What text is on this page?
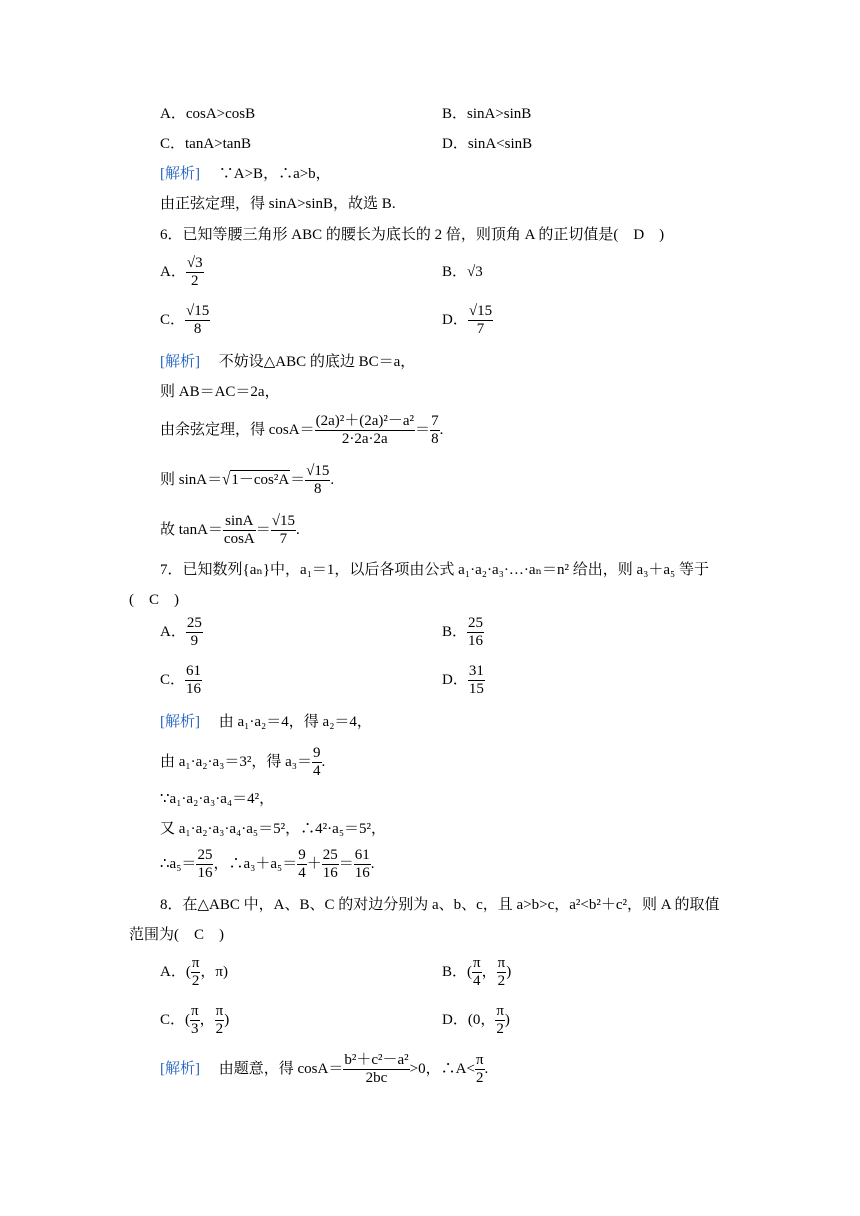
A．cosA>cosB	B．sinA>sinB
C．tanA>tanB	D．sinA<sinB
[解析]　 ∵A>B，∴a>b，
由正弦定理，得 sinA>sinB，故选 B.
6．已知等腰三角形 ABC 的腰长为底长的 2 倍，则顶角 A 的正切值是(　D　)
A． $\frac{√3}{2}$	B．√3
C． $\frac{√15}{8}$	D． $\frac{√15}{7}$
[解析]　 不妨设△ABC 的底边 BC＝a，
则 AB＝AC＝2a，
由余弦定理，得 $\cos A= \frac{\text{(2a)²＋(2a)²－a²}}{2\cdot 2a\cdot 2a} = \frac{7}{8}$ .
则 $\sin A=√1-\cos^2A= \frac{√15}{8}$ .
故 $\tan A= \frac{\sin A}{\cos A} = \frac{√15}{7}$ .
7．已知数列{aₙ}中，a₁＝1，以后各项由公式 a₁·a₂·a₃·…·aₙ＝n² 给出，则 a₃＋a₅ 等于
(　C　)
A． $\frac{25}{9}$	B． $\frac{25}{16}$
C． $\frac{61}{16}$	D． $\frac{31}{15}$
[解析]　 由 a₁·a₂＝4，得 a₂＝4，
由 a₁·a₂·a₃＝3²，得 $a_3= \frac{9}{4}$ .
∵a₁·a₂·a₃·a₄＝4²，
又 a₁·a₂·a₃·a₄·a₅＝5²，∴4²·a₅＝5²，
∴a₅＝ $\frac{25}{16}$ ，∴a₃＋a₅＝ $\frac{9}{4} + \frac{25}{16} = \frac{61}{16}$ .
8．在△ABC 中，A、B、C 的对边分别为 a、b、c，且 a>b>c，a²<b²＋c²，则 A 的取值
范围为(　C　)
A．( $\frac{\pi}{2}$ ，π)	B．( $\frac{\pi}{4}$ ， $\frac{\pi}{2}$ )
C．( $\frac{\pi}{3}$ ， $\frac{\pi}{2}$ )	D．(0， $\frac{\pi}{2}$ )
[解析]　 由题意，得 $\cos A= \frac{\text{b²＋c²－a²}}{2bc} >0$，∴A< $\frac{\pi}{2}$ .
